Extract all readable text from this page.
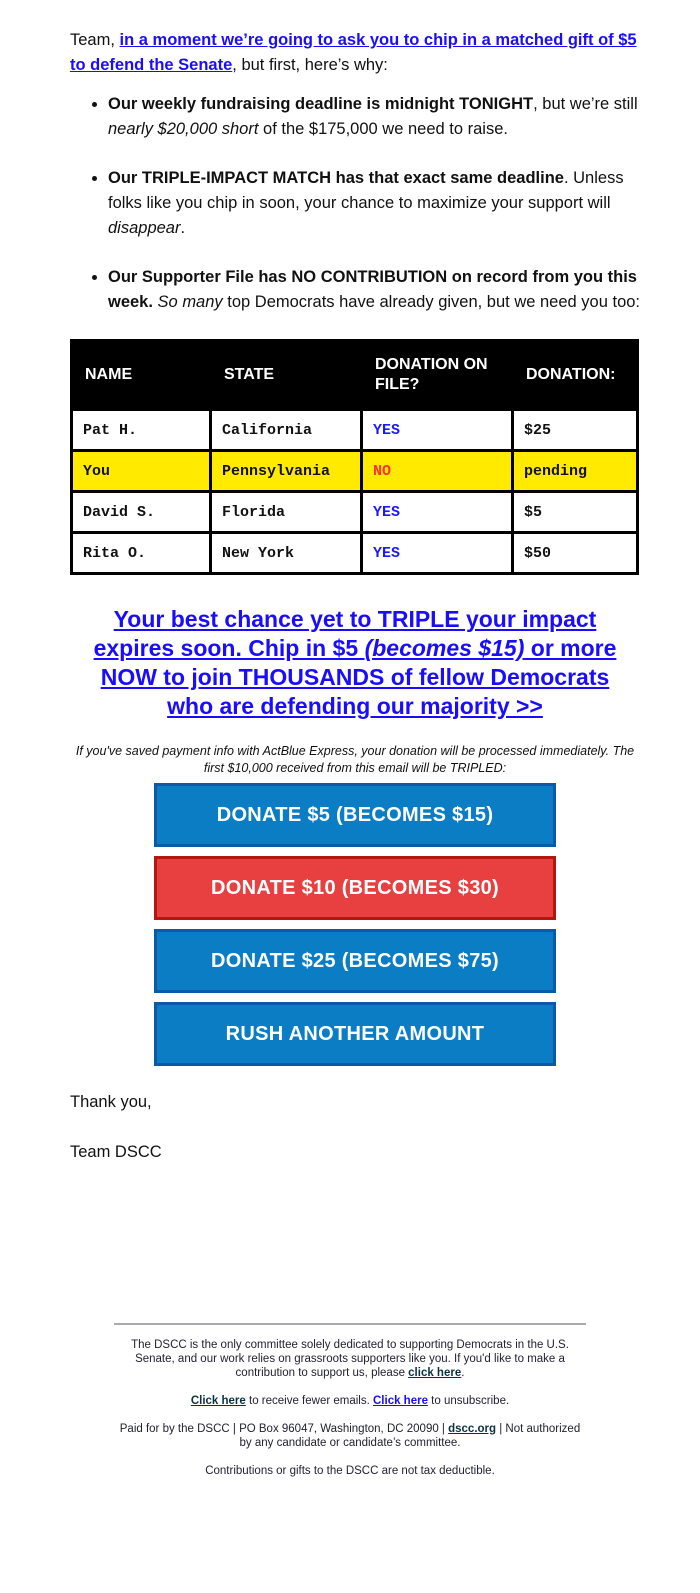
Team, in a moment we’re going to ask you to chip in a matched gift of $5 to defend the Senate, but first, here’s why:

• Our weekly fundraising deadline is midnight TONIGHT, but we’re still nearly $20,000 short of the $175,000 we need to raise.
• Our TRIPLE-IMPACT MATCH has that exact same deadline. Unless folks like you chip in soon, your chance to maximize your support will disappear.
• Our Supporter File has NO CONTRIBUTION on record from you this week. So many top Democrats have already given, but we need you too:
NAME	STATE	DONATION ON FILE?	DONATION:
Pat H.	California	YES	$25
You	Pennsylvania	NO	pending
David S.	Florida	YES	$5
Rita O.	New York	YES	$50
Your best chance yet to TRIPLE your impact expires soon. Chip in $5 (becomes $15) or more NOW to join THOUSANDS of fellow Democrats who are defending our majority >>
If you've saved payment info with ActBlue Express, your donation will be processed immediately. The first $10,000 received from this email will be TRIPLED:
DONATE $5 (BECOMES $15)
DONATE $10 (BECOMES $30)
DONATE $25 (BECOMES $75)
RUSH ANOTHER AMOUNT

Thank you,

Team DSCC

The DSCC is the only committee solely dedicated to supporting Democrats in the U.S. Senate, and our work relies on grassroots supporters like you. If you'd like to make a contribution to support us, please click here.

Click here to receive fewer emails. Click here to unsubscribe.

Paid for by the DSCC | PO Box 96047, Washington, DC 20090 | dscc.org | Not authorized by any candidate or candidate’s committee.

Contributions or gifts to the DSCC are not tax deductible.
